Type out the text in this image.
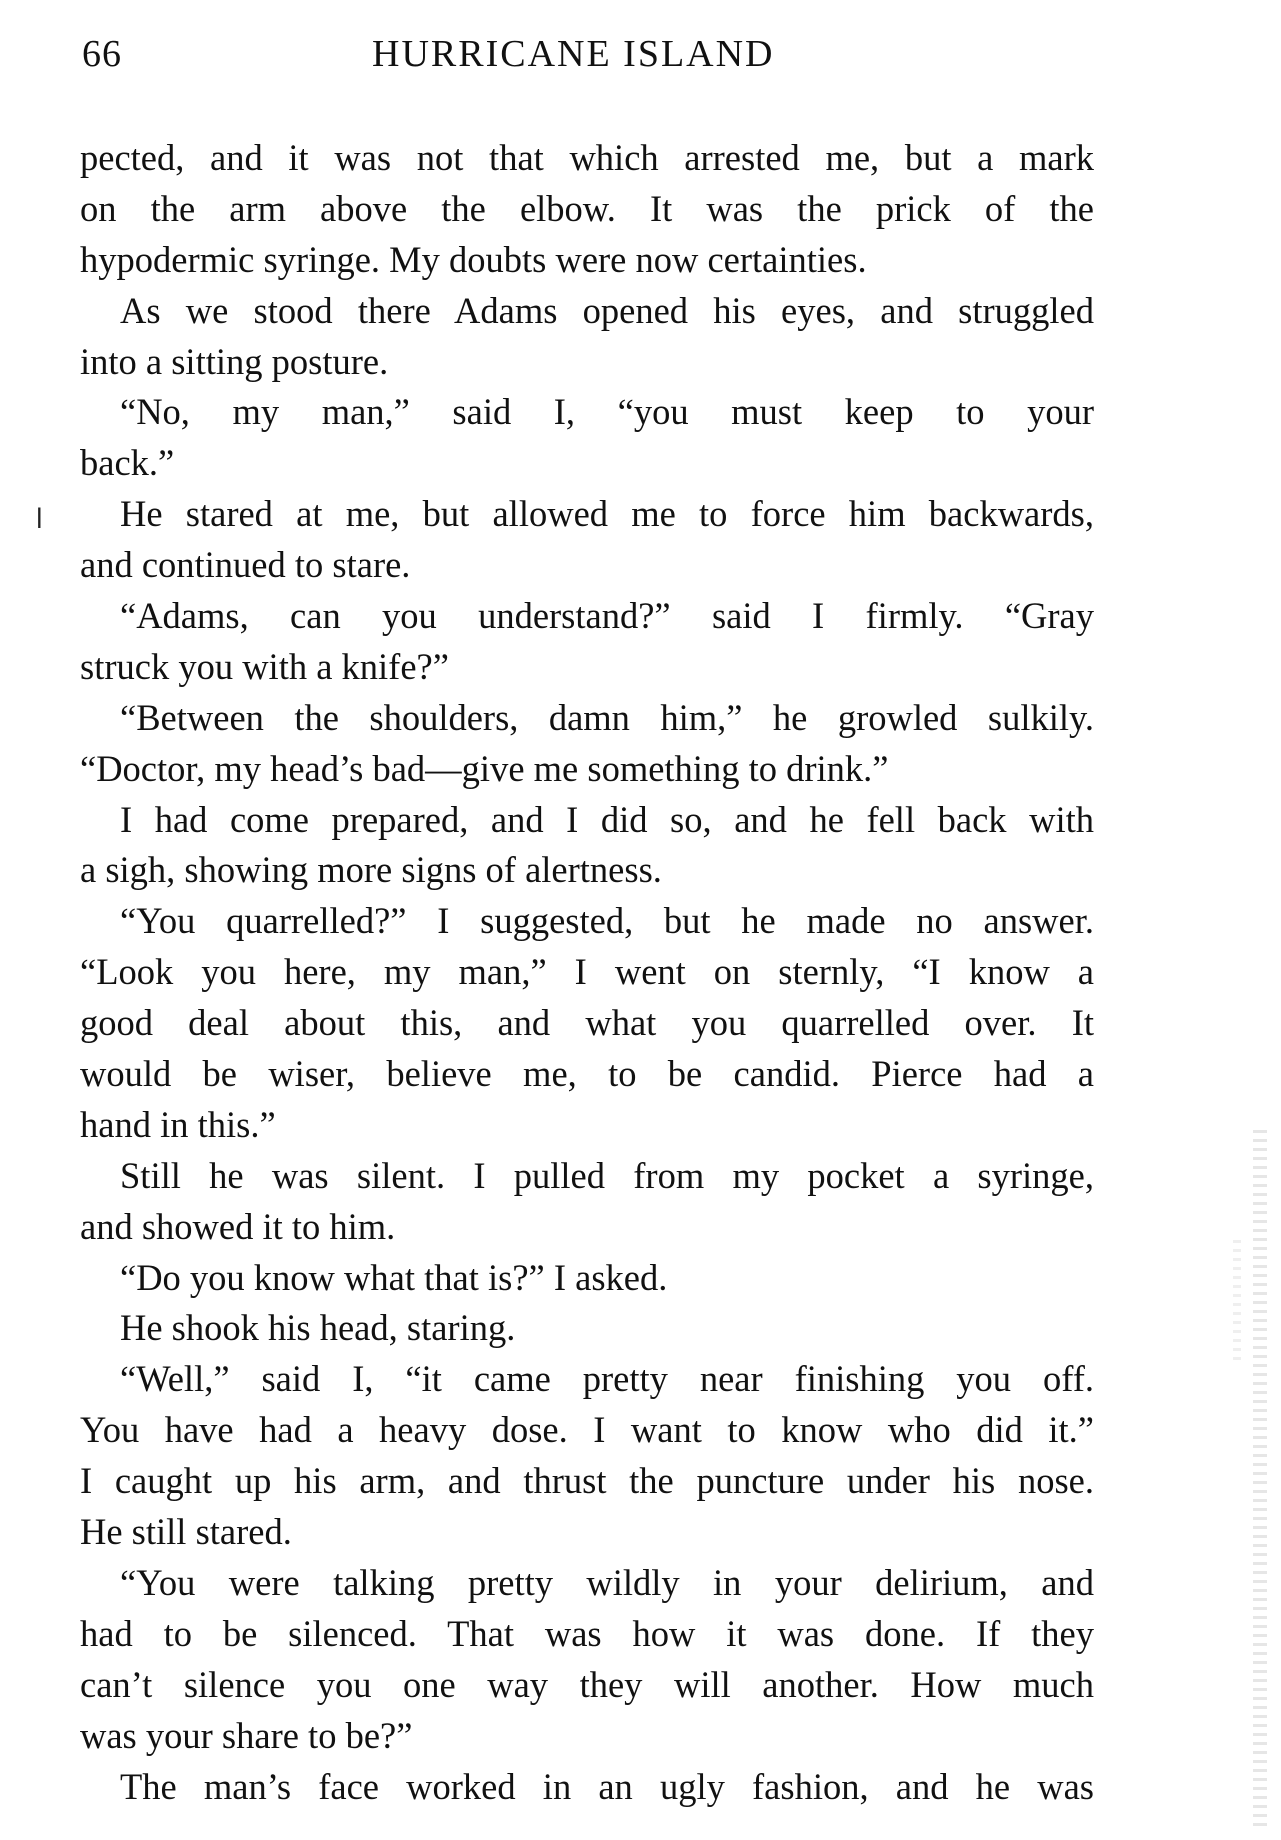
66	HURRICANE ISLAND
ǀ
pected, and it was not that which arrested me, but a mark
on the arm above the elbow. It was the prick of the
hypodermic syringe. My doubts were now certainties.
As we stood there Adams opened his eyes, and struggled
into a sitting posture.
“No, my man,” said I, “you must keep to your
back.”
He stared at me, but allowed me to force him backwards,
and continued to stare.
“Adams, can you understand?” said I firmly. “Gray
struck you with a knife?”
“Between the shoulders, damn him,” he growled sulkily.
“Doctor, my head’s bad—give me something to drink.”
I had come prepared, and I did so, and he fell back with
a sigh, showing more signs of alertness.
“You quarrelled?” I suggested, but he made no answer.
“Look you here, my man,” I went on sternly, “I know a
good deal about this, and what you quarrelled over. It
would be wiser, believe me, to be candid. Pierce had a
hand in this.”
Still he was silent. I pulled from my pocket a syringe,
and showed it to him.
“Do you know what that is?” I asked.
He shook his head, staring.
“Well,” said I, “it came pretty near finishing you off.
You have had a heavy dose. I want to know who did it.”
I caught up his arm, and thrust the puncture under his nose.
He still stared.
“You were talking pretty wildly in your delirium, and
had to be silenced. That was how it was done. If they
can’t silence you one way they will another. How much
was your share to be?”
The man’s face worked in an ugly fashion, and he was
